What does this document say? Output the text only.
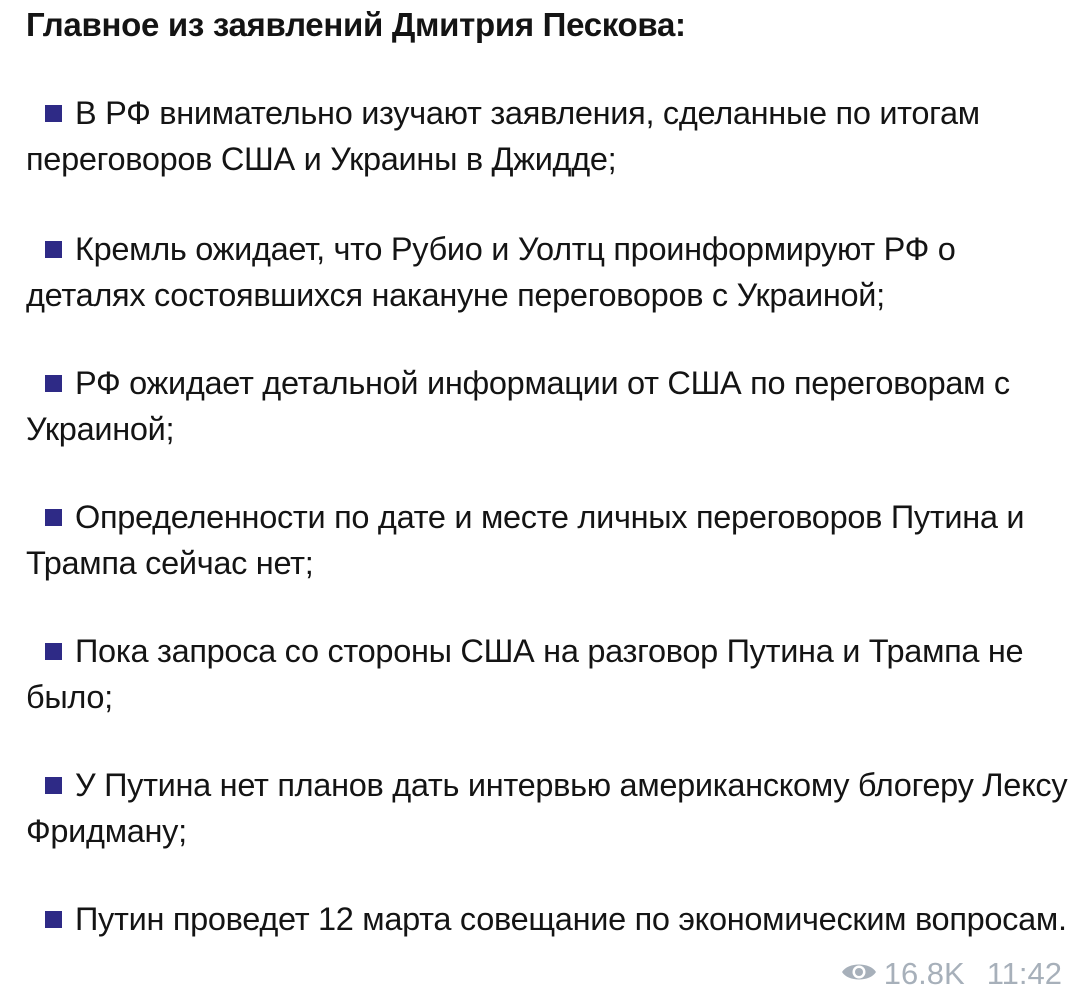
Главное из заявлений Дмитрия Пескова:
В РФ внимательно изучают заявления, сделанные по итогам переговоров США и Украины в Джидде;
Кремль ожидает, что Рубио и Уолтц проинформируют РФ о деталях состоявшихся накануне переговоров с Украиной;
РФ ожидает детальной информации от США по переговорам с Украиной;
Определенности по дате и месте личных переговоров Путина и Трампа сейчас нет;
Пока запроса со стороны США на разговор Путина и Трампа не было;
У Путина нет планов дать интервью американскому блогеру Лексу Фридману;
Путин проведет 12 марта совещание по экономическим вопросам.
16.8K 11:42
